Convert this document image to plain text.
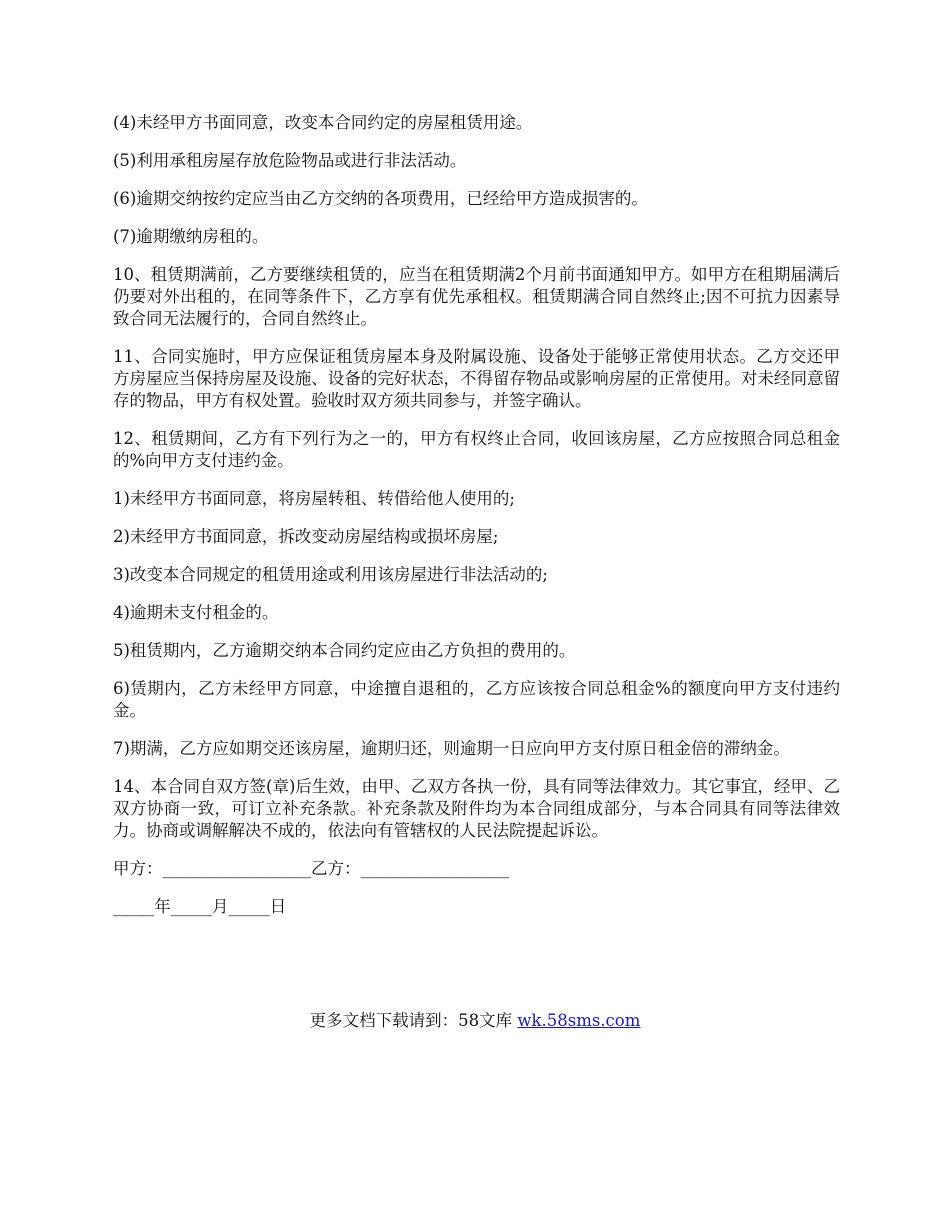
(4)未经甲方书面同意，改变本合同约定的房屋租赁用途。

(5)利用承租房屋存放危险物品或进行非法活动。

(6)逾期交纳按约定应当由乙方交纳的各项费用，已经给甲方造成损害的。

(7)逾期缴纳房租的。

10、租赁期满前，乙方要继续租赁的，应当在租赁期满2个月前书面通知甲方。如甲方在租期届满后仍要对外出租的，在同等条件下，乙方享有优先承租权。租赁期满合同自然终止;因不可抗力因素导致合同无法履行的，合同自然终止。

11、合同实施时，甲方应保证租赁房屋本身及附属设施、设备处于能够正常使用状态。乙方交还甲方房屋应当保持房屋及设施、设备的完好状态，不得留存物品或影响房屋的正常使用。对未经同意留存的物品，甲方有权处置。验收时双方须共同参与，并签字确认。

12、租赁期间，乙方有下列行为之一的，甲方有权终止合同，收回该房屋，乙方应按照合同总租金的%向甲方支付违约金。

1)未经甲方书面同意，将房屋转租、转借给他人使用的;

2)未经甲方书面同意，拆改变动房屋结构或损坏房屋;

3)改变本合同规定的租赁用途或利用该房屋进行非法活动的;

4)逾期未支付租金的。

5)租赁期内，乙方逾期交纳本合同约定应由乙方负担的费用的。

6)赁期内，乙方未经甲方同意，中途擅自退租的，乙方应该按合同总租金%的额度向甲方支付违约金。

7)期满，乙方应如期交还该房屋，逾期归还，则逾期一日应向甲方支付原日租金倍的滞纳金。

14、本合同自双方签(章)后生效，由甲、乙双方各执一份，具有同等法律效力。其它事宜，经甲、乙双方协商一致，可订立补充条款。补充条款及附件均为本合同组成部分，与本合同具有同等法律效力。协商或调解解决不成的，依法向有管辖权的人民法院提起诉讼。

甲方：__________________乙方：__________________

_____年_____月_____日

更多文档下载请到：58文库 wk.58sms.com
